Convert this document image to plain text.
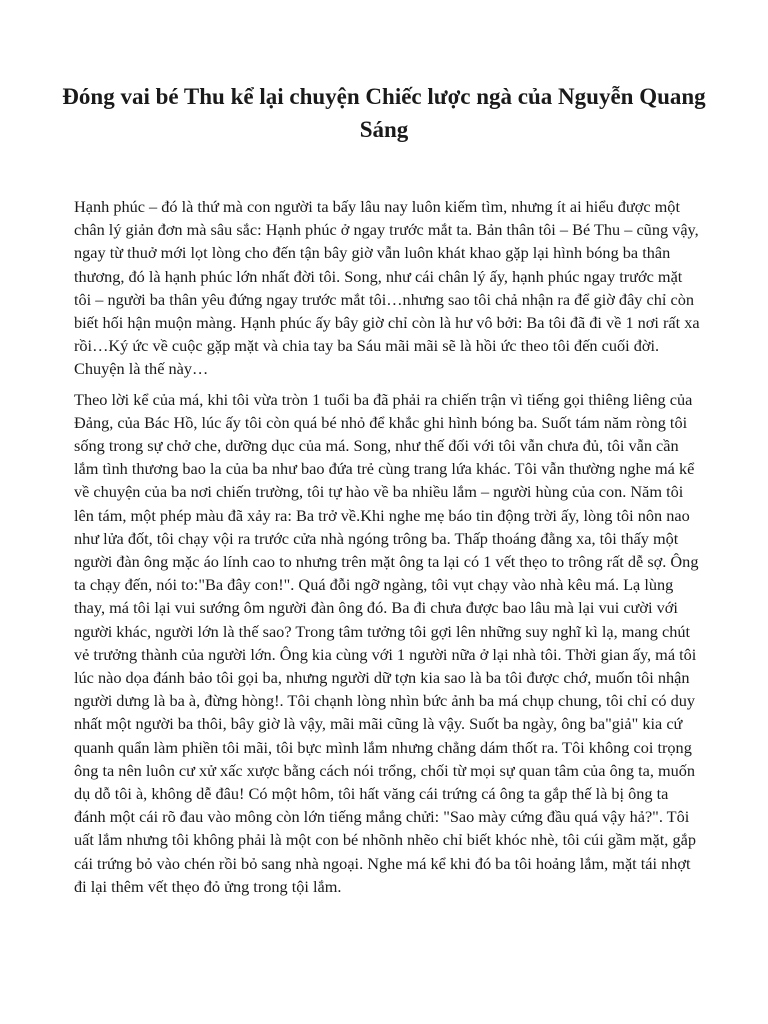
Đóng vai bé Thu kể lại chuyện Chiếc lược ngà của Nguyễn Quang Sáng

Hạnh phúc – đó là thứ mà con người ta bấy lâu nay luôn kiếm tìm, nhưng ít ai hiểu được một chân lý giản đơn mà sâu sắc: Hạnh phúc ở ngay trước mắt ta. Bản thân tôi – Bé Thu – cũng vậy, ngay từ thuở mới lọt lòng cho đến tận bây giờ vẫn luôn khát khao gặp lại hình bóng ba thân thương, đó là hạnh phúc lớn nhất đời tôi. Song, như cái chân lý ấy, hạnh phúc ngay trước mặt tôi – người ba thân yêu đứng ngay trước mắt tôi…nhưng sao tôi chả nhận ra để giờ đây chỉ còn biết hối hận muộn màng. Hạnh phúc ấy bây giờ chỉ còn là hư vô bởi: Ba tôi đã đi về 1 nơi rất xa rồi…Ký ức về cuộc gặp mặt và chia tay ba Sáu mãi mãi sẽ là hồi ức theo tôi đến cuối đời. Chuyện là thế này…

Theo lời kể của má, khi tôi vừa tròn 1 tuổi ba đã phải ra chiến trận vì tiếng gọi thiêng liêng của Đảng, của Bác Hồ, lúc ấy tôi còn quá bé nhỏ để khắc ghi hình bóng ba. Suốt tám năm ròng tôi sống trong sự chở che, dưỡng dục của má. Song, như thế đối với tôi vẫn chưa đủ, tôi vẫn cần lắm tình thương bao la của ba như bao đứa trẻ cùng trang lứa khác. Tôi vẫn thường nghe má kể về chuyện của ba nơi chiến trường, tôi tự hào về ba nhiều lắm – người hùng của con. Năm tôi lên tám, một phép màu đã xảy ra: Ba trở về.Khi nghe mẹ báo tin động trời ấy, lòng tôi nôn nao như lửa đốt, tôi chạy vội ra trước cửa nhà ngóng trông ba. Thấp thoáng đằng xa, tôi thấy một người đàn ông mặc áo lính cao to nhưng trên mặt ông ta lại có 1 vết thẹo to trông rất dễ sợ. Ông ta chạy đến, nói to:"Ba đây con!". Quá đỗi ngỡ ngàng, tôi vụt chạy vào nhà kêu má. Lạ lùng thay, má tôi lại vui sướng ôm người đàn ông đó. Ba đi chưa được bao lâu mà lại vui cười với người khác, người lớn là thế sao? Trong tâm tưởng tôi gợi lên những suy nghĩ kì lạ, mang chút vẻ trưởng thành của người lớn. Ông kia cùng với 1 người nữa ở lại nhà tôi. Thời gian ấy, má tôi lúc nào dọa đánh bảo tôi gọi ba, nhưng người dữ tợn kia sao là ba tôi được chớ, muốn tôi nhận người dưng là ba à, đừng hòng!. Tôi chạnh lòng nhìn bức ảnh ba má chụp chung, tôi chỉ có duy nhất một người ba thôi, bây giờ là vậy, mãi mãi cũng là vậy. Suốt ba ngày, ông ba"giả" kia cứ quanh quẩn làm phiền tôi mãi, tôi bực mình lắm nhưng chẳng dám thốt ra. Tôi không coi trọng ông ta nên luôn cư xử xấc xược bằng cách nói trổng, chối từ mọi sự quan tâm của ông ta, muốn dụ dỗ tôi à, không dễ đâu! Có một hôm, tôi hất văng cái trứng cá ông ta gắp thế là bị ông ta đánh một cái rõ đau vào mông còn lớn tiếng mắng chửi: "Sao mày cứng đầu quá vậy hả?". Tôi uất lắm nhưng tôi không phải là một con bé nhõnh nhẽo chỉ biết khóc nhè, tôi cúi gầm mặt, gắp cái trứng bỏ vào chén rồi bỏ sang nhà ngoại. Nghe má kể khi đó ba tôi hoảng lắm, mặt tái nhợt đi lại thêm vết thẹo đỏ ửng trong tội lắm.
